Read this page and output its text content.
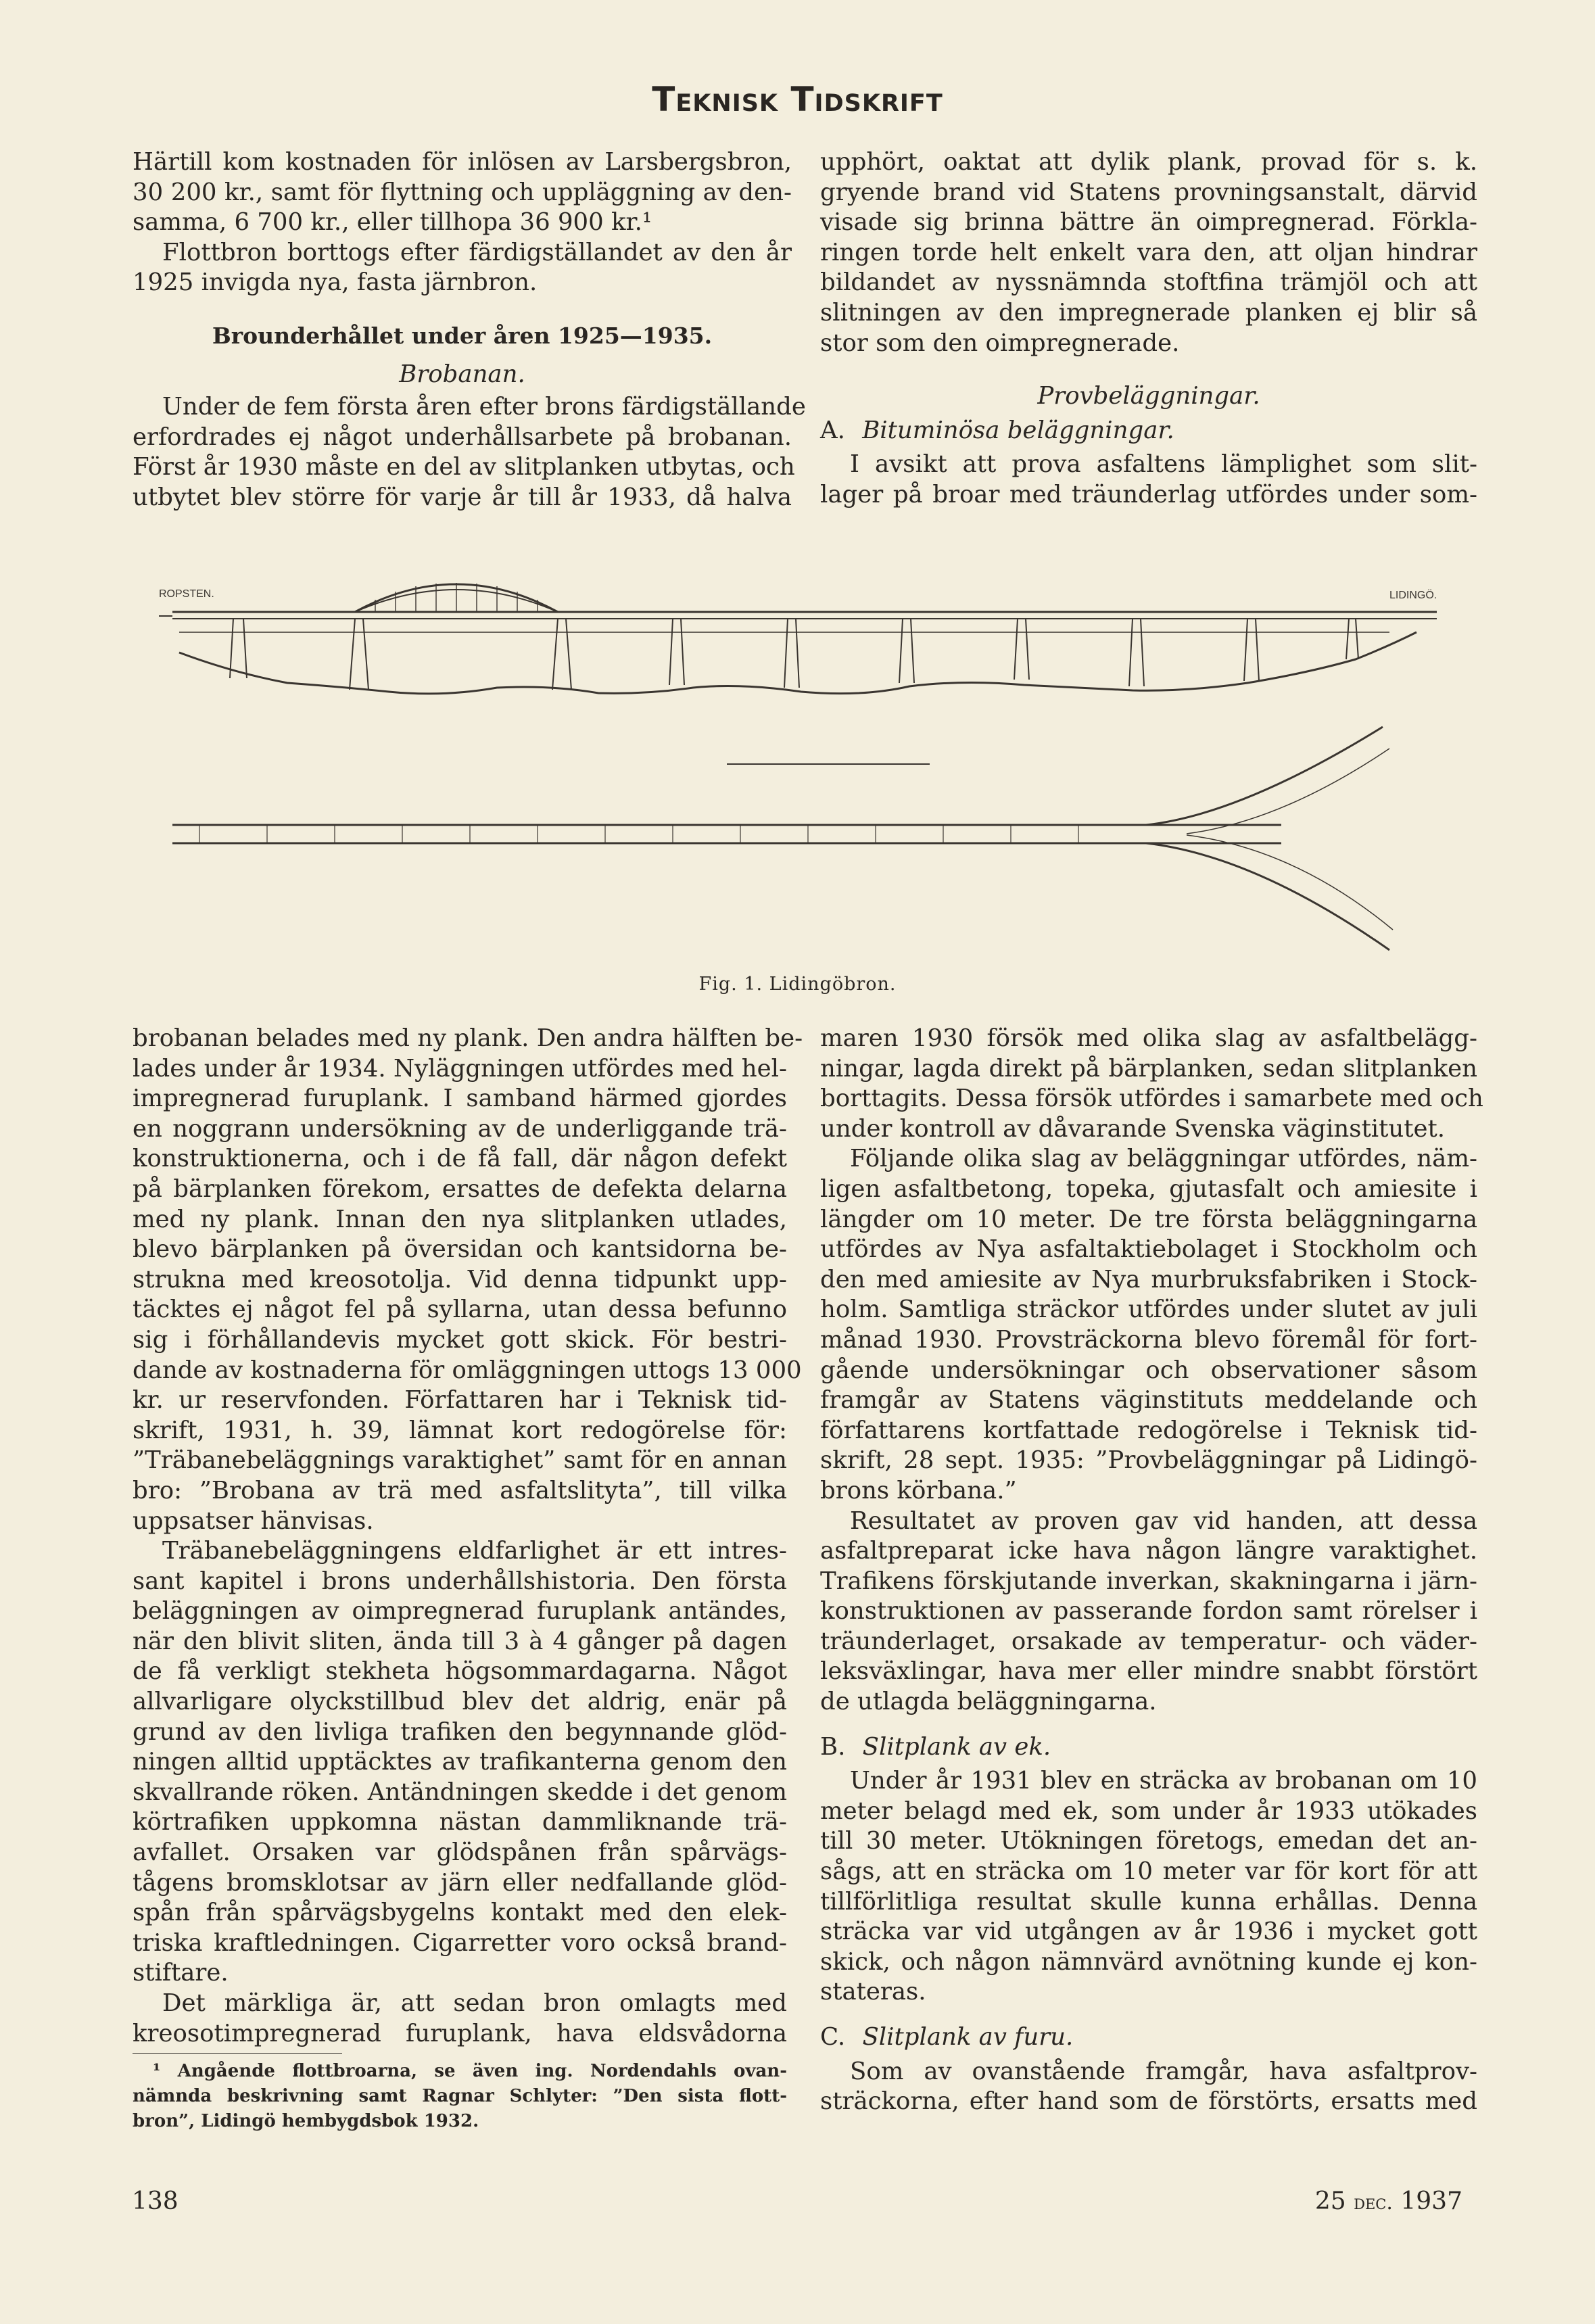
Teknisk Tidskrift
Härtill kom kostnaden för inlösen av Larsbergsbron,
30 200 kr., samt för flyttning och uppläggning av den-
samma, 6 700 kr., eller tillhopa 36 900 kr.¹
Flottbron borttogs efter färdigställandet av den år
1925 invigda nya, fasta järnbron.
Brounderhållet under åren 1925—1935.
Brobanan.
Under de fem första åren efter brons färdigställande
erfordrades ej något underhållsarbete på brobanan.
Först år 1930 måste en del av slitplanken utbytas, och
utbytet blev större för varje år till år 1933, då halva
upphört, oaktat att dylik plank, provad för s. k.
gryende brand vid Statens provningsanstalt, därvid
visade sig brinna bättre än oimpregnerad. Förkla-
ringen torde helt enkelt vara den, att oljan hindrar
bildandet av nyssnämnda stoftfina trämjöl och att
slitningen av den impregnerade planken ej blir så
stor som den oimpregnerade.
Provbeläggningar.
A. Bituminösa beläggningar.
I avsikt att prova asfaltens lämplighet som slit-
lager på broar med träunderlag utfördes under som-
ROPSTEN.	LIDINGÖ.
Fig. 1. Lidingöbron.
brobanan belades med ny plank. Den andra hälften be-
lades under år 1934. Nyläggningen utfördes med hel-
impregnerad furuplank. I samband härmed gjordes
en noggrann undersökning av de underliggande trä-
konstruktionerna, och i de få fall, där någon defekt
på bärplanken förekom, ersattes de defekta delarna
med ny plank. Innan den nya slitplanken utlades,
blevo bärplanken på översidan och kantsidorna be-
strukna med kreosotolja. Vid denna tidpunkt upp-
täcktes ej något fel på syllarna, utan dessa befunno
sig i förhållandevis mycket gott skick. För bestri-
dande av kostnaderna för omläggningen uttogs 13 000
kr. ur reservfonden. Författaren har i Teknisk tid-
skrift, 1931, h. 39, lämnat kort redogörelse för:
”Träbanebeläggnings varaktighet” samt för en annan
bro: ”Brobana av trä med asfaltslityta”, till vilka
uppsatser hänvisas.
Träbanebeläggningens eldfarlighet är ett intres-
sant kapitel i brons underhållshistoria. Den första
beläggningen av oimpregnerad furuplank antändes,
när den blivit sliten, ända till 3 à 4 gånger på dagen
de få verkligt stekheta högsommardagarna. Något
allvarligare olyckstillbud blev det aldrig, enär på
grund av den livliga trafiken den begynnande glöd-
ningen alltid upptäcktes av trafikanterna genom den
skvallrande röken. Antändningen skedde i det genom
körtrafiken uppkomna nästan dammliknande trä-
avfallet. Orsaken var glödspånen från spårvägs-
tågens bromsklotsar av järn eller nedfallande glöd-
spån från spårvägsbygelns kontakt med den elek-
triska kraftledningen. Cigarretter voro också brand-
stiftare.
Det märkliga är, att sedan bron omlagts med
kreosotimpregnerad furuplank, hava eldsvådorna
¹ Angående flottbroarna, se även ing. Nordendahls ovan-
nämnda beskrivning samt Ragnar Schlyter: ”Den sista flott-
bron”, Lidingö hembygdsbok 1932.
maren 1930 försök med olika slag av asfaltbelägg-
ningar, lagda direkt på bärplanken, sedan slitplanken
borttagits. Dessa försök utfördes i samarbete med och
under kontroll av dåvarande Svenska väginstitutet.
Följande olika slag av beläggningar utfördes, näm-
ligen asfaltbetong, topeka, gjutasfalt och amiesite i
längder om 10 meter. De tre första beläggningarna
utfördes av Nya asfaltaktiebolaget i Stockholm och
den med amiesite av Nya murbruksfabriken i Stock-
holm. Samtliga sträckor utfördes under slutet av juli
månad 1930. Provsträckorna blevo föremål för fort-
gående undersökningar och observationer såsom
framgår av Statens väginstituts meddelande och
författarens kortfattade redogörelse i Teknisk tid-
skrift, 28 sept. 1935: ”Provbeläggningar på Lidingö-
brons körbana.”
Resultatet av proven gav vid handen, att dessa
asfaltpreparat icke hava någon längre varaktighet.
Trafikens förskjutande inverkan, skakningarna i järn-
konstruktionen av passerande fordon samt rörelser i
träunderlaget, orsakade av temperatur- och väder-
leksväxlingar, hava mer eller mindre snabbt förstört
de utlagda beläggningarna.
B. Slitplank av ek.
Under år 1931 blev en sträcka av brobanan om 10
meter belagd med ek, som under år 1933 utökades
till 30 meter. Utökningen företogs, emedan det an-
sågs, att en sträcka om 10 meter var för kort för att
tillförlitliga resultat skulle kunna erhållas. Denna
sträcka var vid utgången av år 1936 i mycket gott
skick, och någon nämnvärd avnötning kunde ej kon-
stateras.
C. Slitplank av furu.
Som av ovanstående framgår, hava asfaltprov-
sträckorna, efter hand som de förstörts, ersatts med
138	25 dec. 1937
